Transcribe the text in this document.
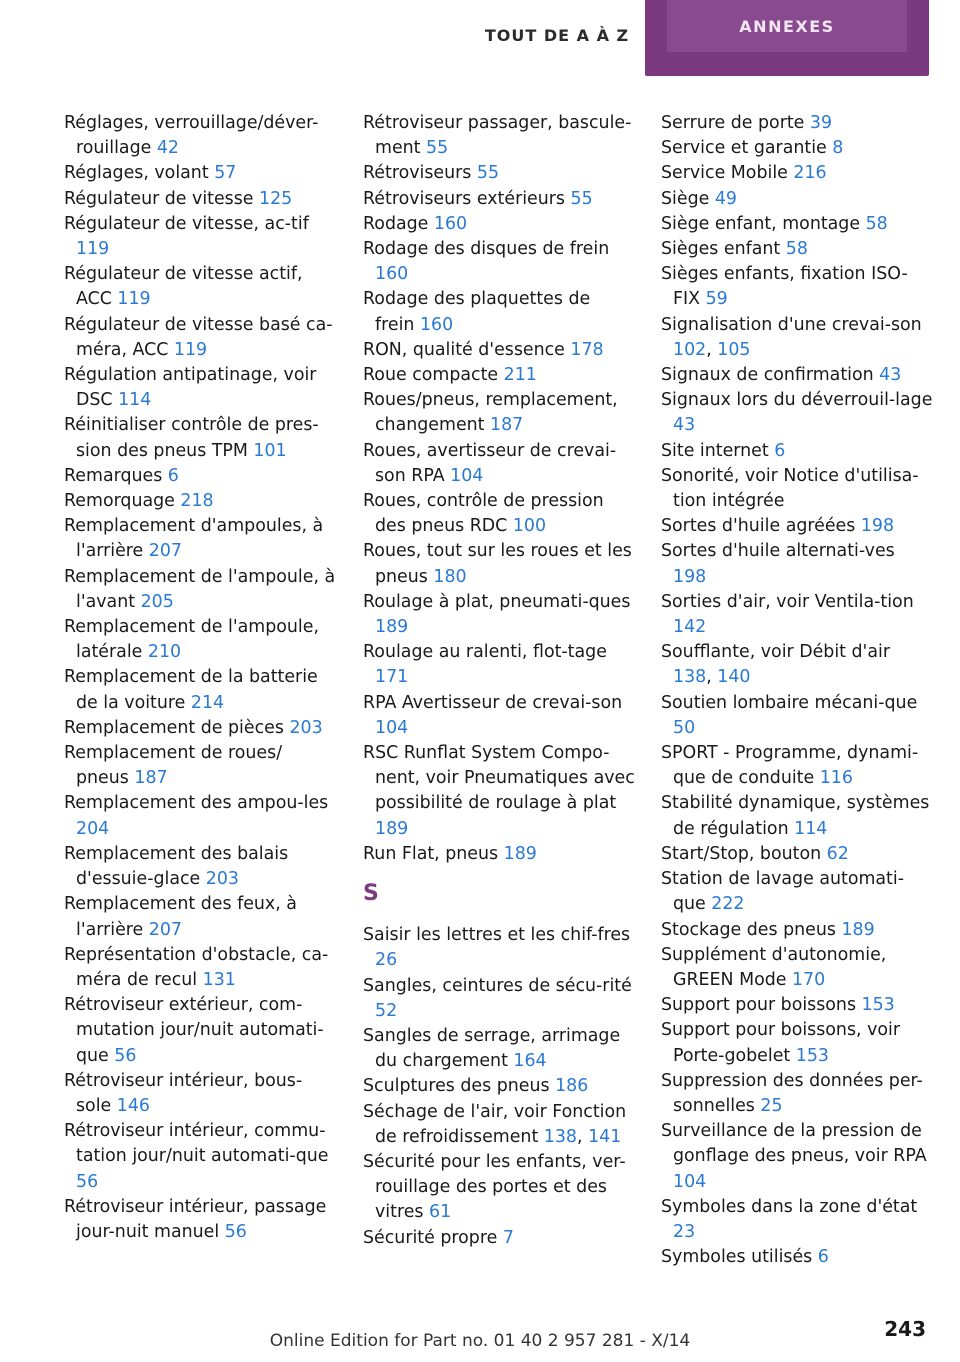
TOUT DE A À Z	ANNEXES

Réglages, verrouillage/déver-rouillage 42

Réglages, volant 57

Régulateur de vitesse 125

Régulateur de vitesse, ac-tif 119

Régulateur de vitesse actif, ACC 119

Régulateur de vitesse basé ca-méra, ACC 119

Régulation antipatinage, voir DSC 114

Réinitialiser contrôle de pres-sion des pneus TPM 101

Remarques 6

Remorquage 218

Remplacement d'ampoules, à l'arrière 207

Remplacement de l'ampoule, à l'avant 205

Remplacement de l'ampoule, latérale 210

Remplacement de la batterie de la voiture 214

Remplacement de pièces 203

Remplacement de roues/ pneus 187

Remplacement des ampou-les 204

Remplacement des balais d'essuie-glace 203

Remplacement des feux, à l'arrière 207

Représentation d'obstacle, ca-méra de recul 131

Rétroviseur extérieur, com-mutation jour/nuit automati-que 56

Rétroviseur intérieur, bous-sole 146

Rétroviseur intérieur, commu-tation jour/nuit automati-que 56

Rétroviseur intérieur, passage jour-nuit manuel 56

Rétroviseur passager, bascule-ment 55

Rétroviseurs 55

Rétroviseurs extérieurs 55

Rodage 160

Rodage des disques de frein 160

Rodage des plaquettes de frein 160

RON, qualité d'essence 178

Roue compacte 211

Roues/pneus, remplacement, changement 187

Roues, avertisseur de crevai-son RPA 104

Roues, contrôle de pression des pneus RDC 100

Roues, tout sur les roues et les pneus 180

Roulage à plat, pneumati-ques 189

Roulage au ralenti, flot-tage 171

RPA Avertisseur de crevai-son 104

RSC Runflat System Compo-nent, voir Pneumatiques avec possibilité de roulage à plat 189

Run Flat, pneus 189

S

Saisir les lettres et les chif-fres 26

Sangles, ceintures de sécu-rité 52

Sangles de serrage, arrimage du chargement 164

Sculptures des pneus 186

Séchage de l'air, voir Fonction de refroidissement 138, 141

Sécurité pour les enfants, ver-rouillage des portes et des vitres 61

Sécurité propre 7

Serrure de porte 39

Service et garantie 8

Service Mobile 216

Siège 49

Siège enfant, montage 58

Sièges enfant 58

Sièges enfants, fixation ISO-FIX 59

Signalisation d'une crevai-son 102, 105

Signaux de confirmation 43

Signaux lors du déverrouil-lage 43

Site internet 6

Sonorité, voir Notice d'utilisa-tion intégrée

Sortes d'huile agréées 198

Sortes d'huile alternati-ves 198

Sorties d'air, voir Ventila-tion 142

Soufflante, voir Débit d'air 138, 140

Soutien lombaire mécani-que 50

SPORT - Programme, dynami-que de conduite 116

Stabilité dynamique, systèmes de régulation 114

Start/Stop, bouton 62

Station de lavage automati-que 222

Stockage des pneus 189

Supplément d'autonomie, GREEN Mode 170

Support pour boissons 153

Support pour boissons, voir Porte-gobelet 153

Suppression des données per-sonnelles 25

Surveillance de la pression de gonflage des pneus, voir RPA 104

Symboles dans la zone d'état 23

Symboles utilisés 6

243
Online Edition for Part no. 01 40 2 957 281 - X/14
